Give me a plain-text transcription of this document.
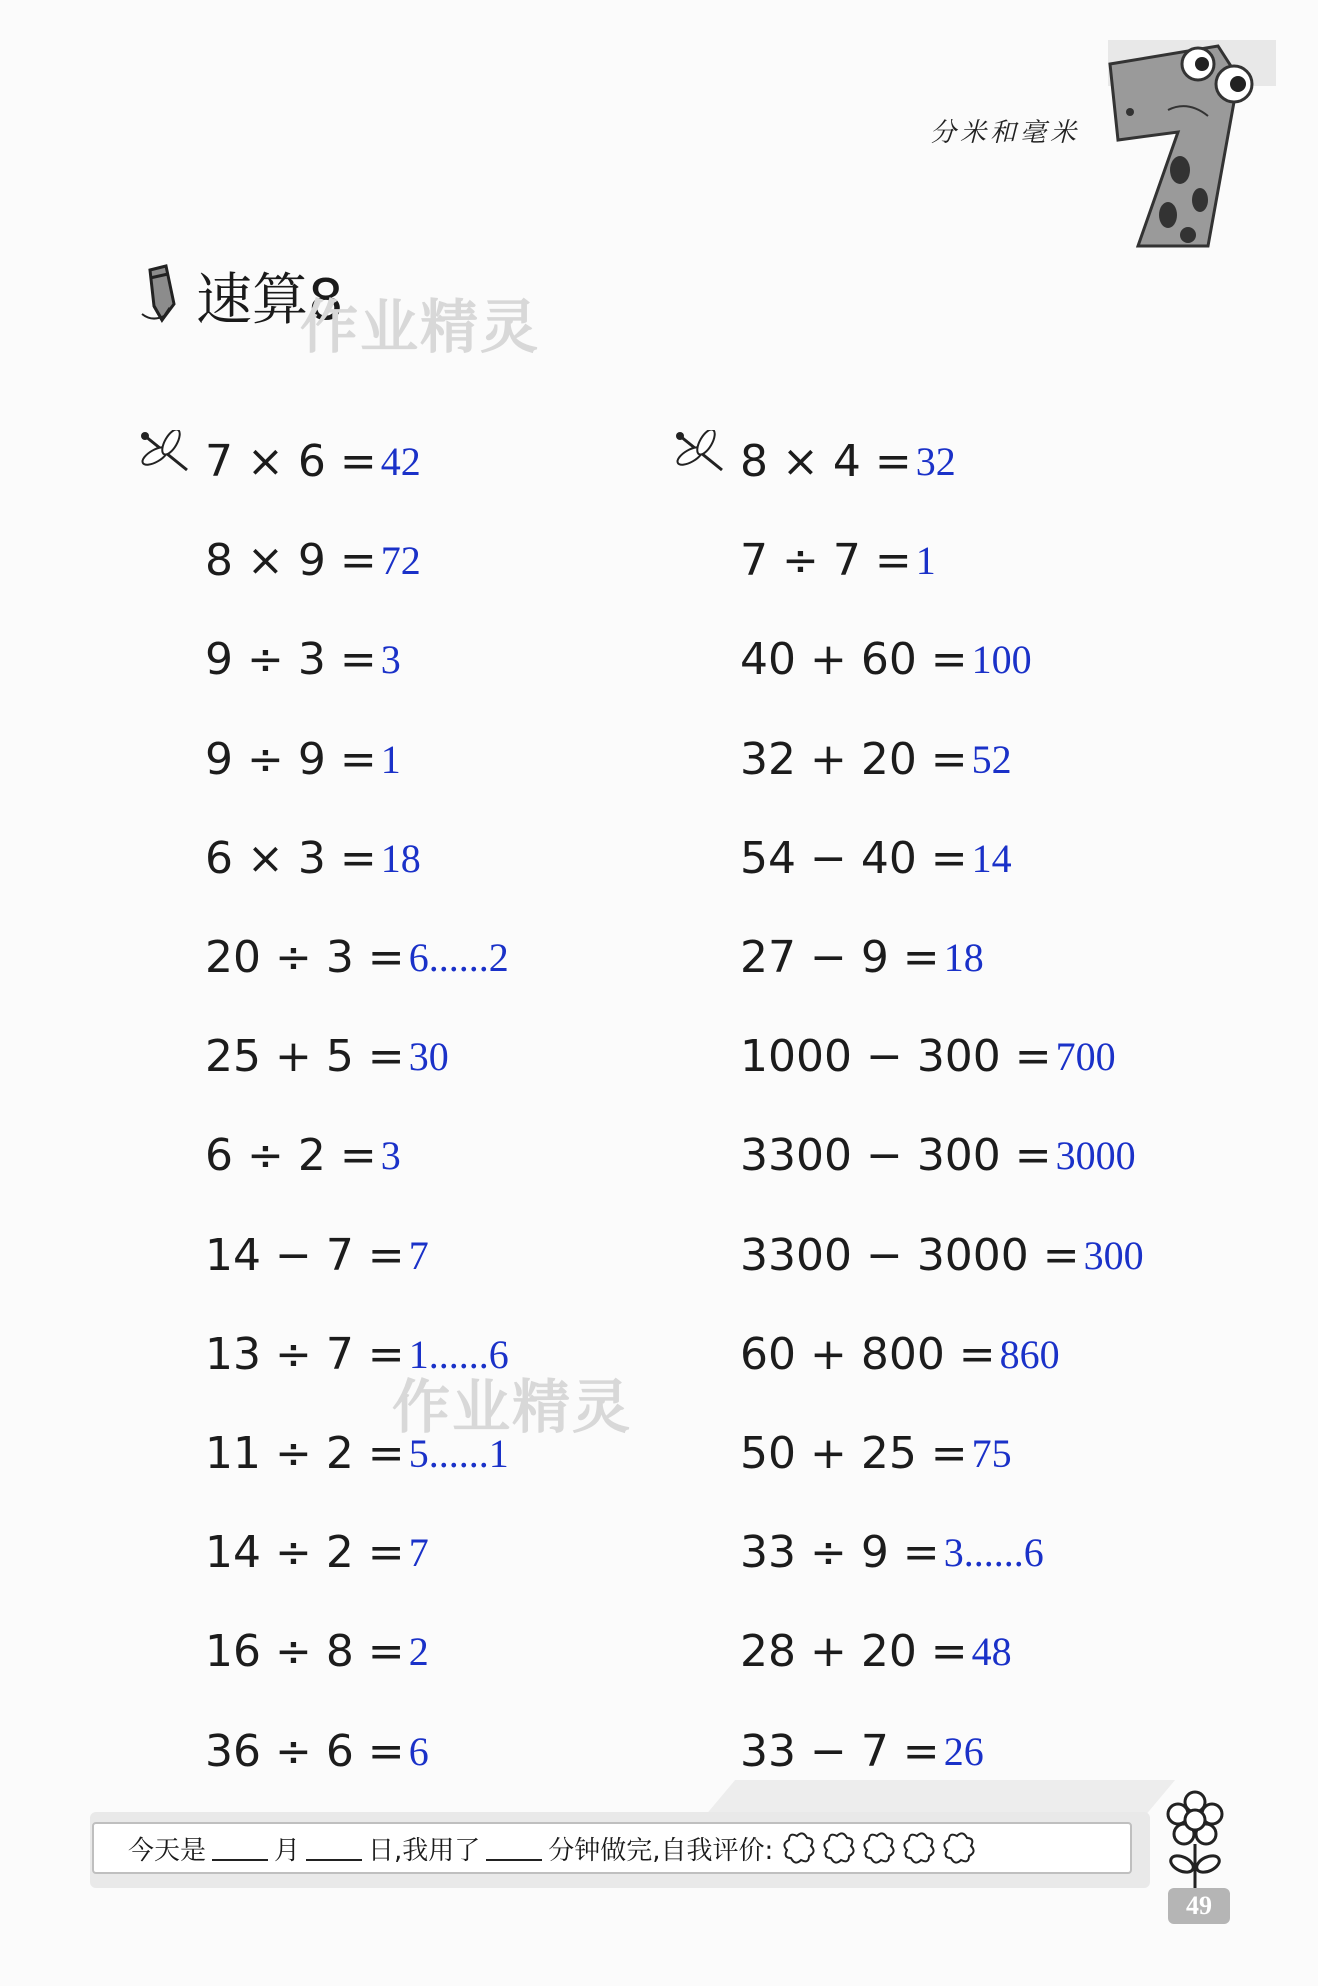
分米和毫米
速算8
作业精灵
作业精灵
7 × 6 = 42
8 × 9 = 72
9 ÷ 3 = 3
9 ÷ 9 = 1
6 × 3 = 18
20 ÷ 3 = 6......2
25 + 5 = 30
6 ÷ 2 = 3
14 − 7 = 7
13 ÷ 7 = 1......6
11 ÷ 2 = 5......1
14 ÷ 2 = 7
16 ÷ 8 = 2
36 ÷ 6 = 6
8 × 4 = 32
7 ÷ 7 = 1
40 + 60 = 100
32 + 20 = 52
54 − 40 = 14
27 − 9 = 18
1000 − 300 = 700
3300 − 300 = 3000
3300 − 3000 = 300
60 + 800 = 860
50 + 25 = 75
33 ÷ 9 = 3......6
28 + 20 = 48
33 − 7 = 26
今天是	月	日,我用了	分钟做完,自我评价:
49
